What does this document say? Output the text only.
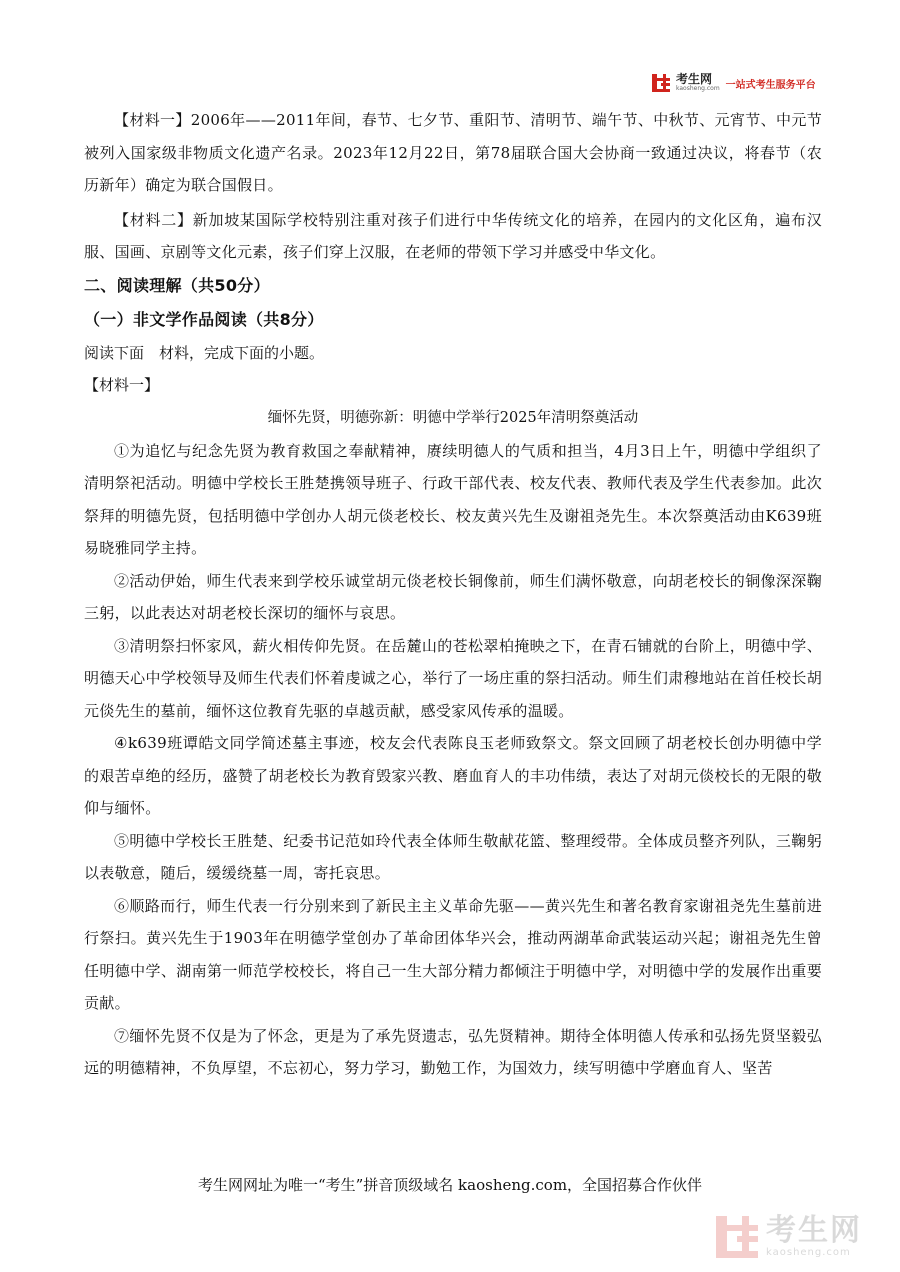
考生网
kaosheng.com 一站式考生服务平台

【材料一】2006年——2011年间，春节、七夕节、重阳节、清明节、端午节、中秋节、元宵节、中元节被列入国家级非物质文化遗产名录。2023年12月22日，第78届联合国大会协商一致通过决议，将春节（农历新年）确定为联合国假日。

【材料二】新加坡某国际学校特别注重对孩子们进行中华传统文化的培养，在园内的文化区角，遍布汉服、国画、京剧等文化元素，孩子们穿上汉服，在老师的带领下学习并感受中华文化。

二、阅读理解（共50分）

（一）非文学作品阅读（共8分）

阅读下面　材料，完成下面的小题。

【材料一】

缅怀先贤，明德弥新：明德中学举行2025年清明祭奠活动

①为追忆与纪念先贤为教育救国之奉献精神，赓续明德人的气质和担当，4月3日上午，明德中学组织了清明祭祀活动。明德中学校长王胜楚携领导班子、行政干部代表、校友代表、教师代表及学生代表参加。此次祭拜的明德先贤，包括明德中学创办人胡元倓老校长、校友黄兴先生及谢祖尧先生。本次祭奠活动由K639班易晓雅同学主持。

②活动伊始，师生代表来到学校乐诚堂胡元倓老校长铜像前，师生们满怀敬意，向胡老校长的铜像深深鞠三躬，以此表达对胡老校长深切的缅怀与哀思。

③清明祭扫怀家风，薪火相传仰先贤。在岳麓山的苍松翠柏掩映之下，在青石铺就的台阶上，明德中学、明德天心中学校领导及师生代表们怀着虔诚之心，举行了一场庄重的祭扫活动。师生们肃穆地站在首任校长胡元倓先生的墓前，缅怀这位教育先驱的卓越贡献，感受家风传承的温暖。

④k639班谭皓文同学简述墓主事迹，校友会代表陈良玉老师致祭文。祭文回顾了胡老校长创办明德中学的艰苦卓绝的经历，盛赞了胡老校长为教育毁家兴教、磨血育人的丰功伟绩，表达了对胡元倓校长的无限的敬仰与缅怀。

⑤明德中学校长王胜楚、纪委书记范如玲代表全体师生敬献花篮、整理绶带。全体成员整齐列队，三鞠躬以表敬意，随后，缓缓绕墓一周，寄托哀思。

⑥顺路而行，师生代表一行分别来到了新民主主义革命先驱——黄兴先生和著名教育家谢祖尧先生墓前进行祭扫。黄兴先生于1903年在明德学堂创办了革命团体华兴会，推动两湖革命武装运动兴起；谢祖尧先生曾任明德中学、湖南第一师范学校校长，将自己一生大部分精力都倾注于明德中学，对明德中学的发展作出重要贡献。

⑦缅怀先贤不仅是为了怀念，更是为了承先贤遗志，弘先贤精神。期待全体明德人传承和弘扬先贤坚毅弘远的明德精神，不负厚望，不忘初心，努力学习，勤勉工作，为国效力，续写明德中学磨血育人、坚苦

考生网网址为唯一“考生”拼音顶级域名 kaosheng.com，全国招募合作伙伴
考生网
kaosheng.com
